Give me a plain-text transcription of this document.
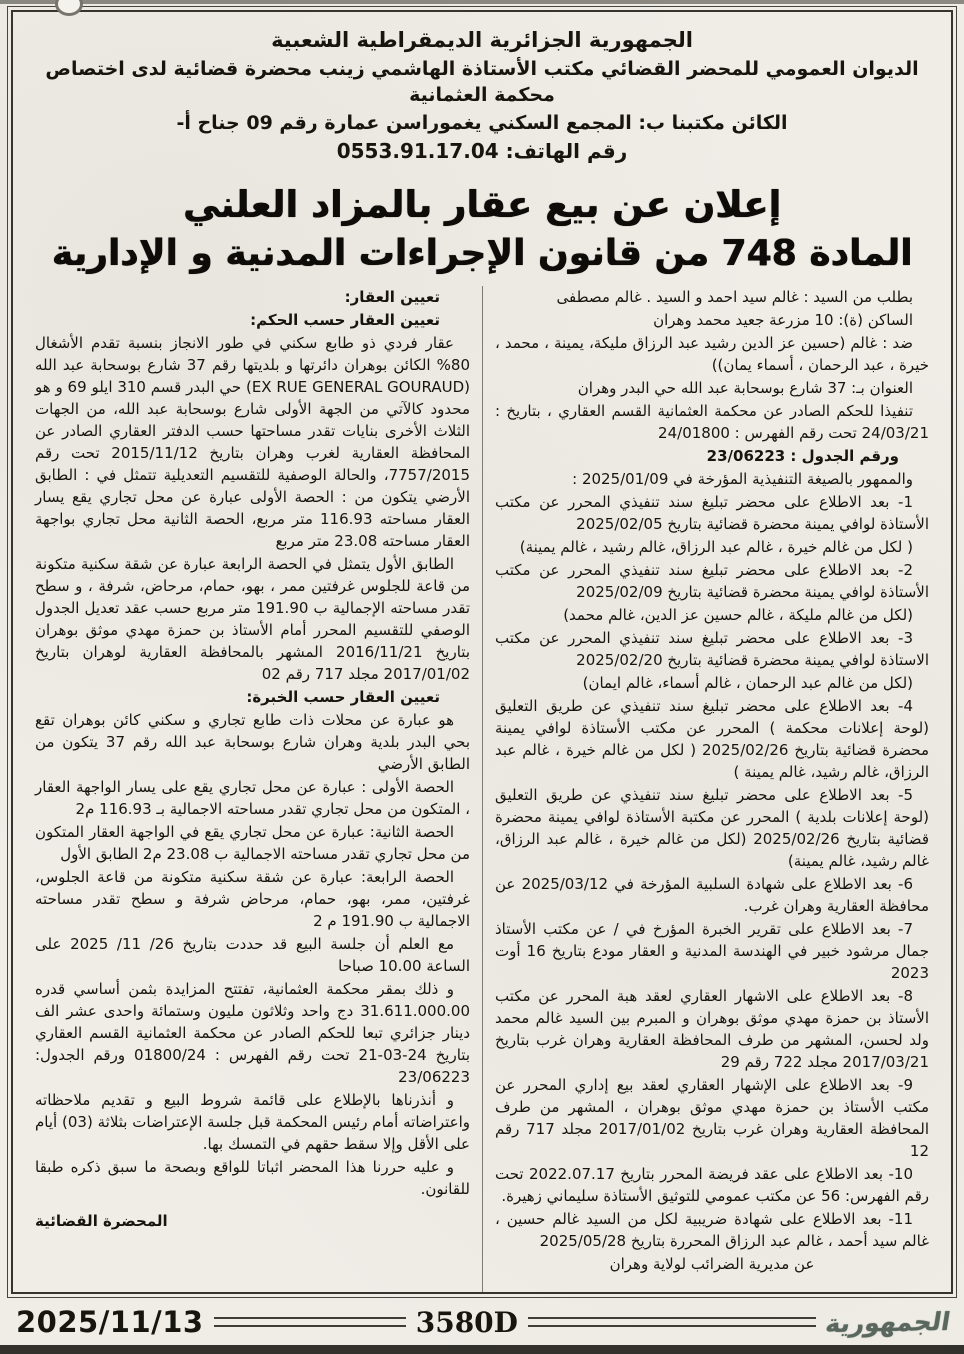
الجمهورية الجزائرية الديمقراطية الشعبية
الديوان العمومي للمحضر القضائي مكتب الأستاذة الهاشمي زينب محضرة قضائية لدى اختصاص محكمة العثمانية
الكائن مكتبنا ب: المجمع السكني يغموراسن عمارة رقم 09 جناح أ-
رقم الهاتف: 0553.91.17.04
إعلان عن بيع عقار بالمزاد العلني
المادة 748 من قانون الإجراءات المدنية و الإدارية

بطلب من السيد : غالم سيد احمد و السيد . غالم مصطفى

الساكن (ة): 10 مزرعة جعيد محمد وهران

ضد : غالم (حسين عز الدين رشيد عبد الرزاق مليكة، يمينة ، محمد ، خيرة ، عبد الرحمان ، أسماء يمان))

العنوان بـ: 37 شارع بوسحابة عبد الله حي البدر وهران

تنفيذا للحكم الصادر عن محكمة العثمانية القسم العقاري ، بتاريخ : 24/03/21 تحت رقم الفهرس : 24/01800

ورقم الجدول : 23/06223

والممهور بالصيغة التنفيذية المؤرخة في 2025/01/09 :

1- بعد الاطلاع على محضر تبليغ سند تنفيذي المحرر عن مكتب الأستاذة لوافي يمينة محضرة قضائية بتاريخ 2025/02/05

( لكل من غالم خيرة ، غالم عبد الرزاق، غالم رشيد ، غالم يمينة)

2- بعد الاطلاع على محضر تبليغ سند تنفيذي المحرر عن مكتب الأستاذة لوافي يمينة محضرة قضائية بتاريخ 2025/02/09

(لكل من غالم مليكة ، غالم حسين عز الدين، غالم محمد)

3- بعد الاطلاع على محضر تبليغ سند تنفيذي المحرر عن مكتب الاستاذة لوافي يمينة محضرة قضائية بتاريخ 2025/02/20

(لكل من غالم عبد الرحمان ، غالم أسماء، غالم ايمان)

4- بعد الاطلاع على محضر تبليغ سند تنفيذي عن طريق التعليق (لوحة إعلانات محكمة ) المحرر عن مكتب الأستاذة لوافي يمينة محضرة قضائية بتاريخ 2025/02/26 ( لكل من غالم خيرة ، غالم عبد الرزاق، غالم رشيد، غالم يمينة )

5- بعد الاطلاع على محضر تبليغ سند تنفيذي عن طريق التعليق (لوحة إعلانات بلدية ) المحرر عن مكتبة الأستاذة لوافي يمينة محضرة قضائية بتاريخ 2025/02/26 (لكل من غالم خيرة ، غالم عبد الرزاق، غالم رشيد، غالم يمينة)

6- بعد الاطلاع على شهادة السلبية المؤرخة في 2025/03/12 عن محافظة العقارية وهران غرب.

7- بعد الاطلاع على تقرير الخبرة المؤرخ في / عن مكتب الأستاذ جمال مرشود خبير في الهندسة المدنية و العقار مودع بتاريخ 16 أوت 2023

8- بعد الاطلاع على الاشهار العقاري لعقد هبة المحرر عن مكتب الأستاذ بن حمزة مهدي موثق بوهران و المبرم بين السيد غالم محمد ولد لحسن، المشهر من طرف المحافظة العقارية وهران غرب بتاريخ 2017/03/21 مجلد 722 رقم 29

9- بعد الاطلاع على الإشهار العقاري لعقد بيع إداري المحرر عن مكتب الأستاذ بن حمزة مهدي موثق بوهران ، المشهر من طرف المحافظة العقارية وهران غرب بتاريخ 2017/01/02 مجلد 717 رقم 12

10- بعد الاطلاع على عقد فريضة المحرر بتاريخ 2022.07.17 تحت رقم الفهرس: 56 عن مكتب عمومي للتوثيق الأستاذة سليماني زهيرة.

11- بعد الاطلاع على شهادة ضريبية لكل من السيد غالم حسين ، غالم سيد أحمد ، غالم عبد الرزاق المحررة بتاريخ 2025/05/28

عن مديرية الضرائب لولاية وهران

تعيين العقار:

تعيين العقار حسب الحكم:

عقار فردي ذو طابع سكني في طور الانجاز بنسبة تقدم الأشغال 80% الكائن بوهران دائرتها و بلديتها رقم 37 شارع بوسحابة عبد الله (EX RUE GENERAL GOURAUD) حي البدر قسم 310 ايلو 69 و هو محدود كالآتي من الجهة الأولى شارع بوسحابة عبد الله، من الجهات الثلاث الأخرى بنايات تقدر مساحتها حسب الدفتر العقاري الصادر عن المحافظة العقارية لغرب وهران بتاريخ 2015/11/12 تحت رقم 7757/2015، والحالة الوصفية للتقسيم التعديلية تتمثل في : الطابق الأرضي يتكون من : الحصة الأولى عبارة عن محل تجاري يقع يسار العقار مساحته 116.93 متر مربع، الحصة الثانية محل تجاري بواجهة العقار مساحته 23.08 متر مربع

الطابق الأول يتمثل في الحصة الرابعة عبارة عن شقة سكنية متكونة من قاعة للجلوس غرفتين ممر ، بهو، حمام، مرحاض، شرفة ، و سطح تقدر مساحته الإجمالية ب 191.90 متر مربع حسب عقد تعديل الجدول الوصفي للتقسيم المحرر أمام الأستاذ بن حمزة مهدي موثق بوهران بتاريخ 2016/11/21 المشهر بالمحافظة العقارية لوهران بتاريخ 2017/01/02 مجلد 717 رقم 02

تعيين العقار حسب الخبرة:

هو عبارة عن محلات ذات طابع تجاري و سكني كائن بوهران تقع بحي البدر بلدية وهران شارع بوسحابة عبد الله رقم 37 يتكون من الطابق الأرضي

الحصة الأولى : عبارة عن محل تجاري يقع على يسار الواجهة العقار ، المتكون من محل تجاري تقدر مساحته الاجمالية بـ 116.93 م2

الحصة الثانية: عبارة عن محل تجاري يقع في الواجهة العقار المتكون من محل تجاري تقدر مساحته الاجمالية ب 23.08 م2 الطابق الأول

الحصة الرابعة: عبارة عن شقة سكنية متكونة من قاعة الجلوس، غرفتين، ممر، بهو، حمام، مرحاض شرفة و سطح تقدر مساحته الاجمالية ب 191.90 م 2

مع العلم أن جلسة البيع قد حددت بتاريخ 26/ 11/ 2025 على الساعة 10.00 صباحا

و ذلك بمقر محكمة العثمانية، تفتتح المزايدة بثمن أساسي قدره 31.611.000.00 دج واحد وثلاثون مليون وستمائة واحدى عشر الف دينار جزائري تبعا للحكم الصادر عن محكمة العثمانية القسم العقاري بتاريخ 24-03-21 تحت رقم الفهرس : 01800/24 ورقم الجدول: 23/06223

و أنذرناها بالإطلاع على قائمة شروط البيع و تقديم ملاحظاته واعتراضاته أمام رئيس المحكمة قبل جلسة الإعتراضات بثلاثة (03) أيام على الأقل وإلا سقط حقهم في التمسك بها.

و عليه حررنا هذا المحضر اثباتا للواقع وبصحة ما سبق ذكره طبقا للقانون.

المحضرة القضائية

2025/11/13	3580D	الجمهورية
